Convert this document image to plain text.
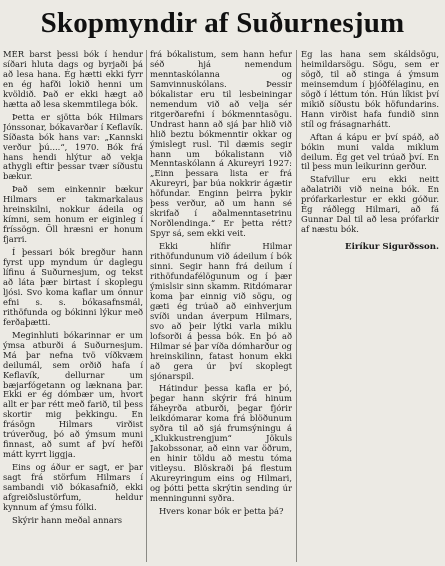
Skopmyndir af Suðurnesjum

MÉR barst þessi bók í hendur síðari hluta dags og byrjaði þá að lesa hana. Ég hætti ekki fyrr en ég hafði lokið henni um kvöldið. Það er ekki hægt að hætta að lesa skemmtilega bók.

Þetta er sjötta bók Hilmars Jónssonar, bókavarðar í Keflavík. Síðasta bók hans var: „Kannski verður þú....“, 1970. Bók frá hans hendi hlýtur að vekja athygli eftir þessar tvær síðustu bækur.

Það sem einkennir bækur Hilmars er takmarkalaus hreinskilni, nokkur ádeila og kímni, sem honum er eiginleg í fríssögn. Öll hræsni er honum fjarri.

Í þessari bók bregður hann fyrst upp myndum úr daglegu lífinu á Suðurnesjum, og tekst að láta þær birtast í skoplegu ljósi. Svo koma kaflar um ónnur efni s. s. bókasafnsmál, rithöfunda og bókinni lýkur með ferðaþætti.

Meginhluti bókarinnar er um ýmsa atburði á Suðurnesjum. Má þar nefna tvö víðkvæm deilumál, sem orðið hafa í Keflavík, dellurnar um bæjarfógetann og læknana þar. Ekki er ég dómbær um, hvort allt er þar rétt með farið, til þess skortir mig þekkingu. En frásögn Hilmars virðist trúverðug, þó að ýmsum muni finnast, að sumt af því hefði mátt kyrrt liggja.

Eins og áður er sagt, er þar sagt frá störfum Hilmars í sambandi við bókasafnið, ekki afgreiðslustörfum, heldur kynnum af ýmsu fólki.

Skýrir hann meðal annars

frá bókalistum, sem hann hefur séð hjá nemendum menntaskólanna og Samvinnuskólans. Þessir bókalistar eru til lesbeiningar nemendum við að velja sér ritgerðarefni í bókmenntasögu. Undrast hann að sjá þar hlið við hlið beztu bókmenntir okkar og ýmislegt rusl. Til dæmis segir hann um bókalistann við Menntaskólann á Akureyri 1927: „Einn þessara lista er frá Akureyri, þar búa nokkrir ágætir höfundar. Enginn þeirra þykir þess verður, að um hann sé skrifað í aðalmenntasetrinu Norðlendinga.“ Er þetta rétt? Spyr sá, sem ekki veit.

Ekki hlífir Hilmar rithöfundunum við ádeilum í bók sinni. Segir hann frá deilum í rithöfundafélögunum og í þær ýmislsir sinn skamm. Ritdómarar koma þar einnig við sögu, og gæti ég trúað að einhverjum svíði undan áverpum Hilmars, svo að þeir lýtki varla miklu lofsorði á þessa bók. En þó að Hilmar sé þar víða dómharður og hreinskilinn, fatast honum ekki að gera úr því skoplegt sjónarspil.

Hátindur þessa kafla er þó, þegar hann skýrir frá hinum fáheyrða atburði, þegar fjórir leikdómarar koma frá blöðunum syðra til að sjá frumsýningu á „Klukkustrengjum“ Jökuls Jakobssonar, að einn var öðrum, en hinir töldu að mestu tóma vitleysu. Blöskraði þá flestum Akureyringum eins og Hilmari, og þótti þetta skrýtin sending úr menningunni syðra.

Hvers konar bók er þetta þá?

Ég las hana sem skáldsögu, heimildarsögu. Sögu, sem er sögð, til að stinga á ýmsum meinsemdum í þjóðfélaginu, en sögð í léttum tón. Hún líkist því mikið síðustu bók höfundarins. Hann virðist hafa fundið sinn stíl og frásagnarhátt.

Aftan á kápu er því spáð, að bókin muni valda miklum deilum. Ég get vel trúað því. En til þess mun leikurinn gerður.

Stafvillur eru ekki neitt aðalatriði við neina bók. En prófarkarlestur er ekki góður. Ég ráðlegg Hilmari, að fá Gunnar Dal til að lesa prófarkir af næstu bók.

Eiríkur Sigurðsson.
